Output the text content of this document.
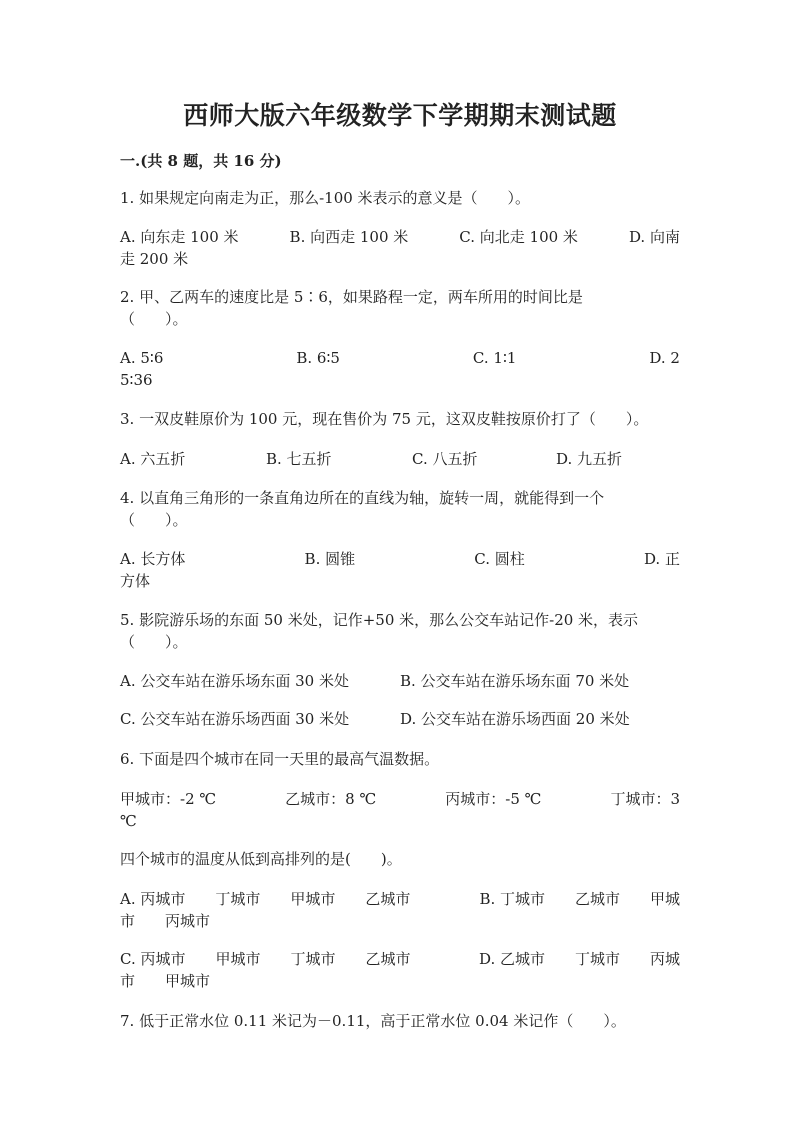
西师大版六年级数学下学期期末测试题
一.(共 8 题，共 16 分)
1. 如果规定向南走为正，那么-100 米表示的意义是（　　）。
A. 向东走 100 米	B. 向西走 100 米	C. 向北走 100 米	D. 向南
走 200 米
2. 甲、乙两车的速度比是 5∶6，如果路程一定，两车所用的时间比是
（　　）。
A. 5∶6	B. 6∶5	C. 1∶1	D. 2
5∶36
3. 一双皮鞋原价为 100 元，现在售价为 75 元，这双皮鞋按原价打了（　　）。
A. 六五折	B. 七五折	C. 八五折	D. 九五折
4. 以直角三角形的一条直角边所在的直线为轴，旋转一周，就能得到一个
（　　）。
A. 长方体	B. 圆锥	C. 圆柱	D. 正
方体
5. 影院游乐场的东面 50 米处，记作+50 米，那么公交车站记作-20 米，表示
（　　）。
A. 公交车站在游乐场东面 30 米处	B. 公交车站在游乐场东面 70 米处
C. 公交车站在游乐场西面 30 米处	D. 公交车站在游乐场西面 20 米处
6. 下面是四个城市在同一天里的最高气温数据。
甲城市：-2 ℃	乙城市：8 ℃	丙城市：-5 ℃	丁城市：3
℃
四个城市的温度从低到高排列的是(　　)。
A. 丙城市　　丁城市　　甲城市　　乙城市	B. 丁城市　　乙城市　　甲城
市　　丙城市
C. 丙城市　　甲城市　　丁城市　　乙城市	D. 乙城市　　丁城市　　丙城
市　　甲城市
7. 低于正常水位 0.11 米记为－0.11，高于正常水位 0.04 米记作（　　）。
